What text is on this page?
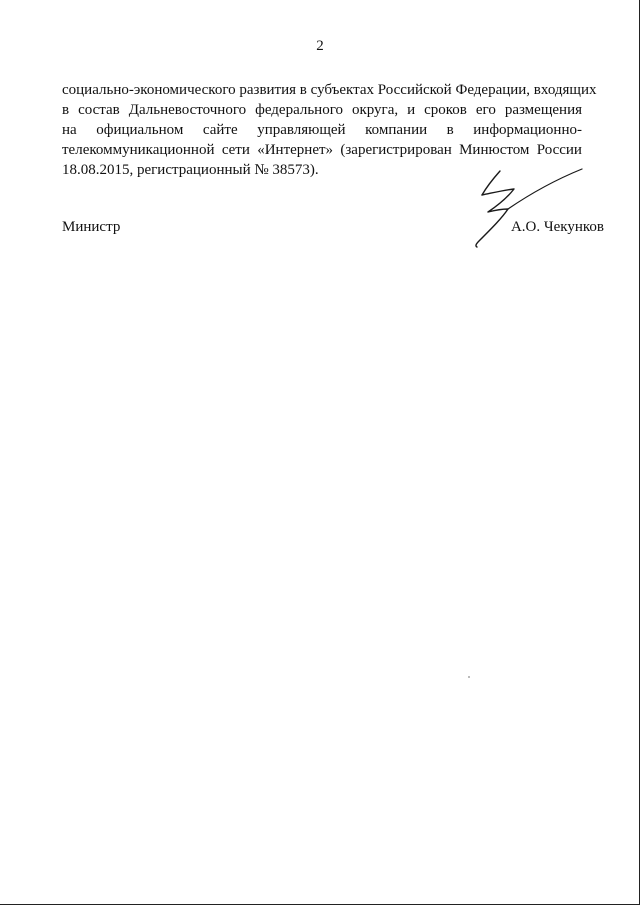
2
социально-экономического развития в субъектах Российской Федерации, входящих
в состав Дальневосточного федерального округа, и сроков его размещения
на официальном сайте управляющей компании в информационно-
телекоммуникационной сети «Интернет» (зарегистрирован Минюстом России
18.08.2015, регистрационный № 38573).
Министр	А.О. Чекунков
